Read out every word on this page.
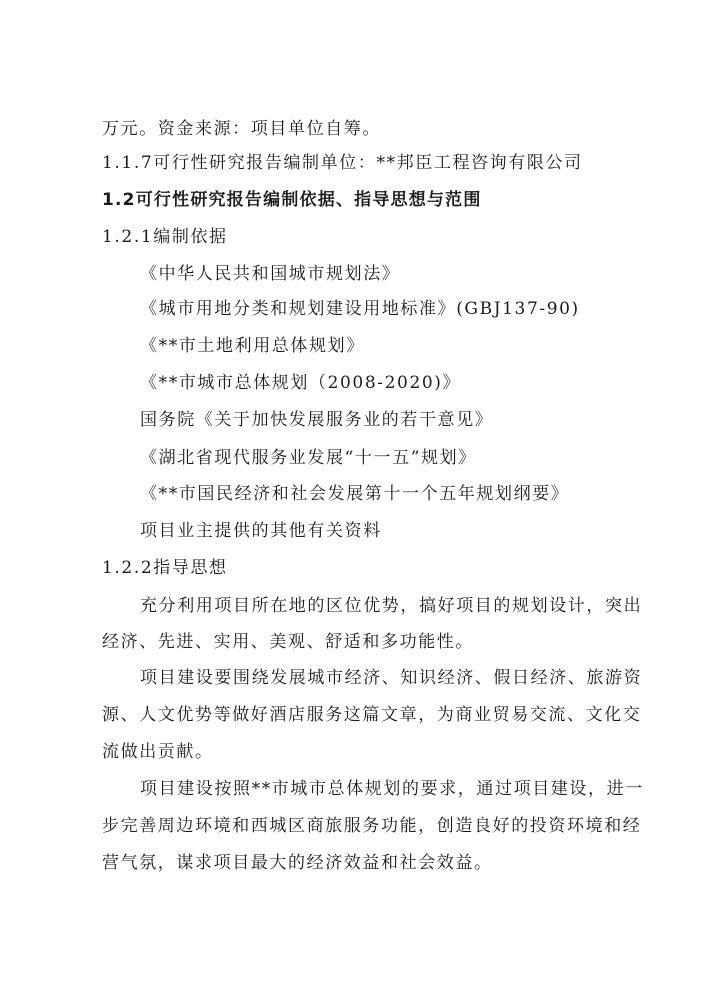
万元。资金来源：项目单位自筹。
1.1.7可行性研究报告编制单位：**邦臣工程咨询有限公司
1.2可行性研究报告编制依据、指导思想与范围
1.2.1编制依据
《中华人民共和国城市规划法》
《城市用地分类和规划建设用地标准》(GBJ137-90)
《**市土地利用总体规划》
《**市城市总体规划（2008-2020)》
国务院《关于加快发展服务业的若干意见》
《湖北省现代服务业发展“十一五”规划》
《**市国民经济和社会发展第十一个五年规划纲要》
项目业主提供的其他有关资料
1.2.2指导思想
充分利用项目所在地的区位优势，搞好项目的规划设计，突出
经济、先进、实用、美观、舒适和多功能性。
项目建设要围绕发展城市经济、知识经济、假日经济、旅游资
源、人文优势等做好酒店服务这篇文章，为商业贸易交流、文化交
流做出贡献。
项目建设按照**市城市总体规划的要求，通过项目建设，进一
步完善周边环境和西城区商旅服务功能，创造良好的投资环境和经
营气氛，谋求项目最大的经济效益和社会效益。
